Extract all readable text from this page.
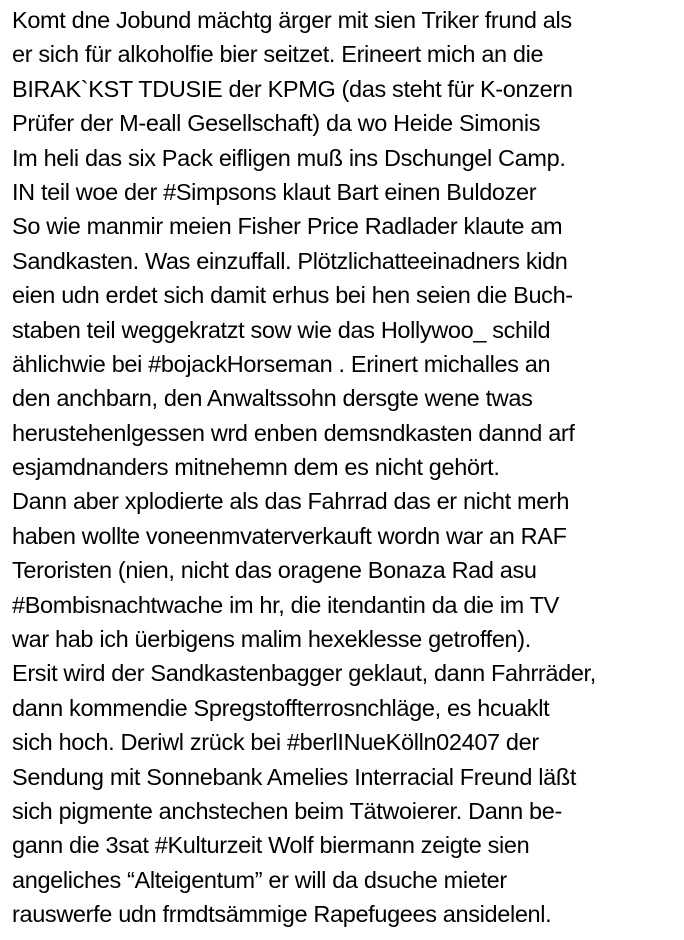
Komt dne Jobund mächtg ärger mit sien Triker frund als
er sich für alkoholfie bier seitzet. Erineert mich an die
BIRAK`KST TDUSIE der KPMG (das steht für K-onzern
Prüfer der M-eall Gesellschaft) da wo Heide Simonis
Im heli das six Pack eifligen muß ins Dschungel Camp.
IN teil woe der #Simpsons klaut Bart einen Buldozer
So wie manmir meien Fisher Price Radlader klaute am
Sandkasten. Was einzuffall. Plötzlichatteeinadners kidn
eien udn erdet sich damit erhus bei hen seien die Buch-
staben teil weggekratzt sow wie das Hollywoo_ schild
ählichwie bei #bojackHorseman . Erinert michalles an
den anchbarn, den Anwaltssohn dersgte wene twas
herustehenlgessen wrd enben demsndkasten dannd arf
esjamdnanders mitnehemn dem es nicht gehört.
Dann aber xplodierte als das Fahrrad das er nicht merh
haben wollte voneenmvaterverkauft wordn war an RAF
Teroristen (nien, nicht das oragene Bonaza Rad asu
#Bombisnachtwache im hr, die itendantin da die im TV
war hab ich üerbigens malim hexeklesse getroffen).
Ersit wird der Sandkastenbagger geklaut, dann Fahrräder,
dann kommendie Spregstoffterrosnchläge, es hcuaklt
sich hoch. Deriwl zrück bei #berlINueKölln02407 der
Sendung mit Sonnebank Amelies Interracial Freund läßt
sich pigmente anchstechen beim Tätwoierer. Dann be-
gann die 3sat #Kulturzeit Wolf biermann zeigte sien
angeliches “Alteigentum” er will da dsuche mieter
rauswerfe udn frmdtsämmige Rapefugees ansidelenl.
